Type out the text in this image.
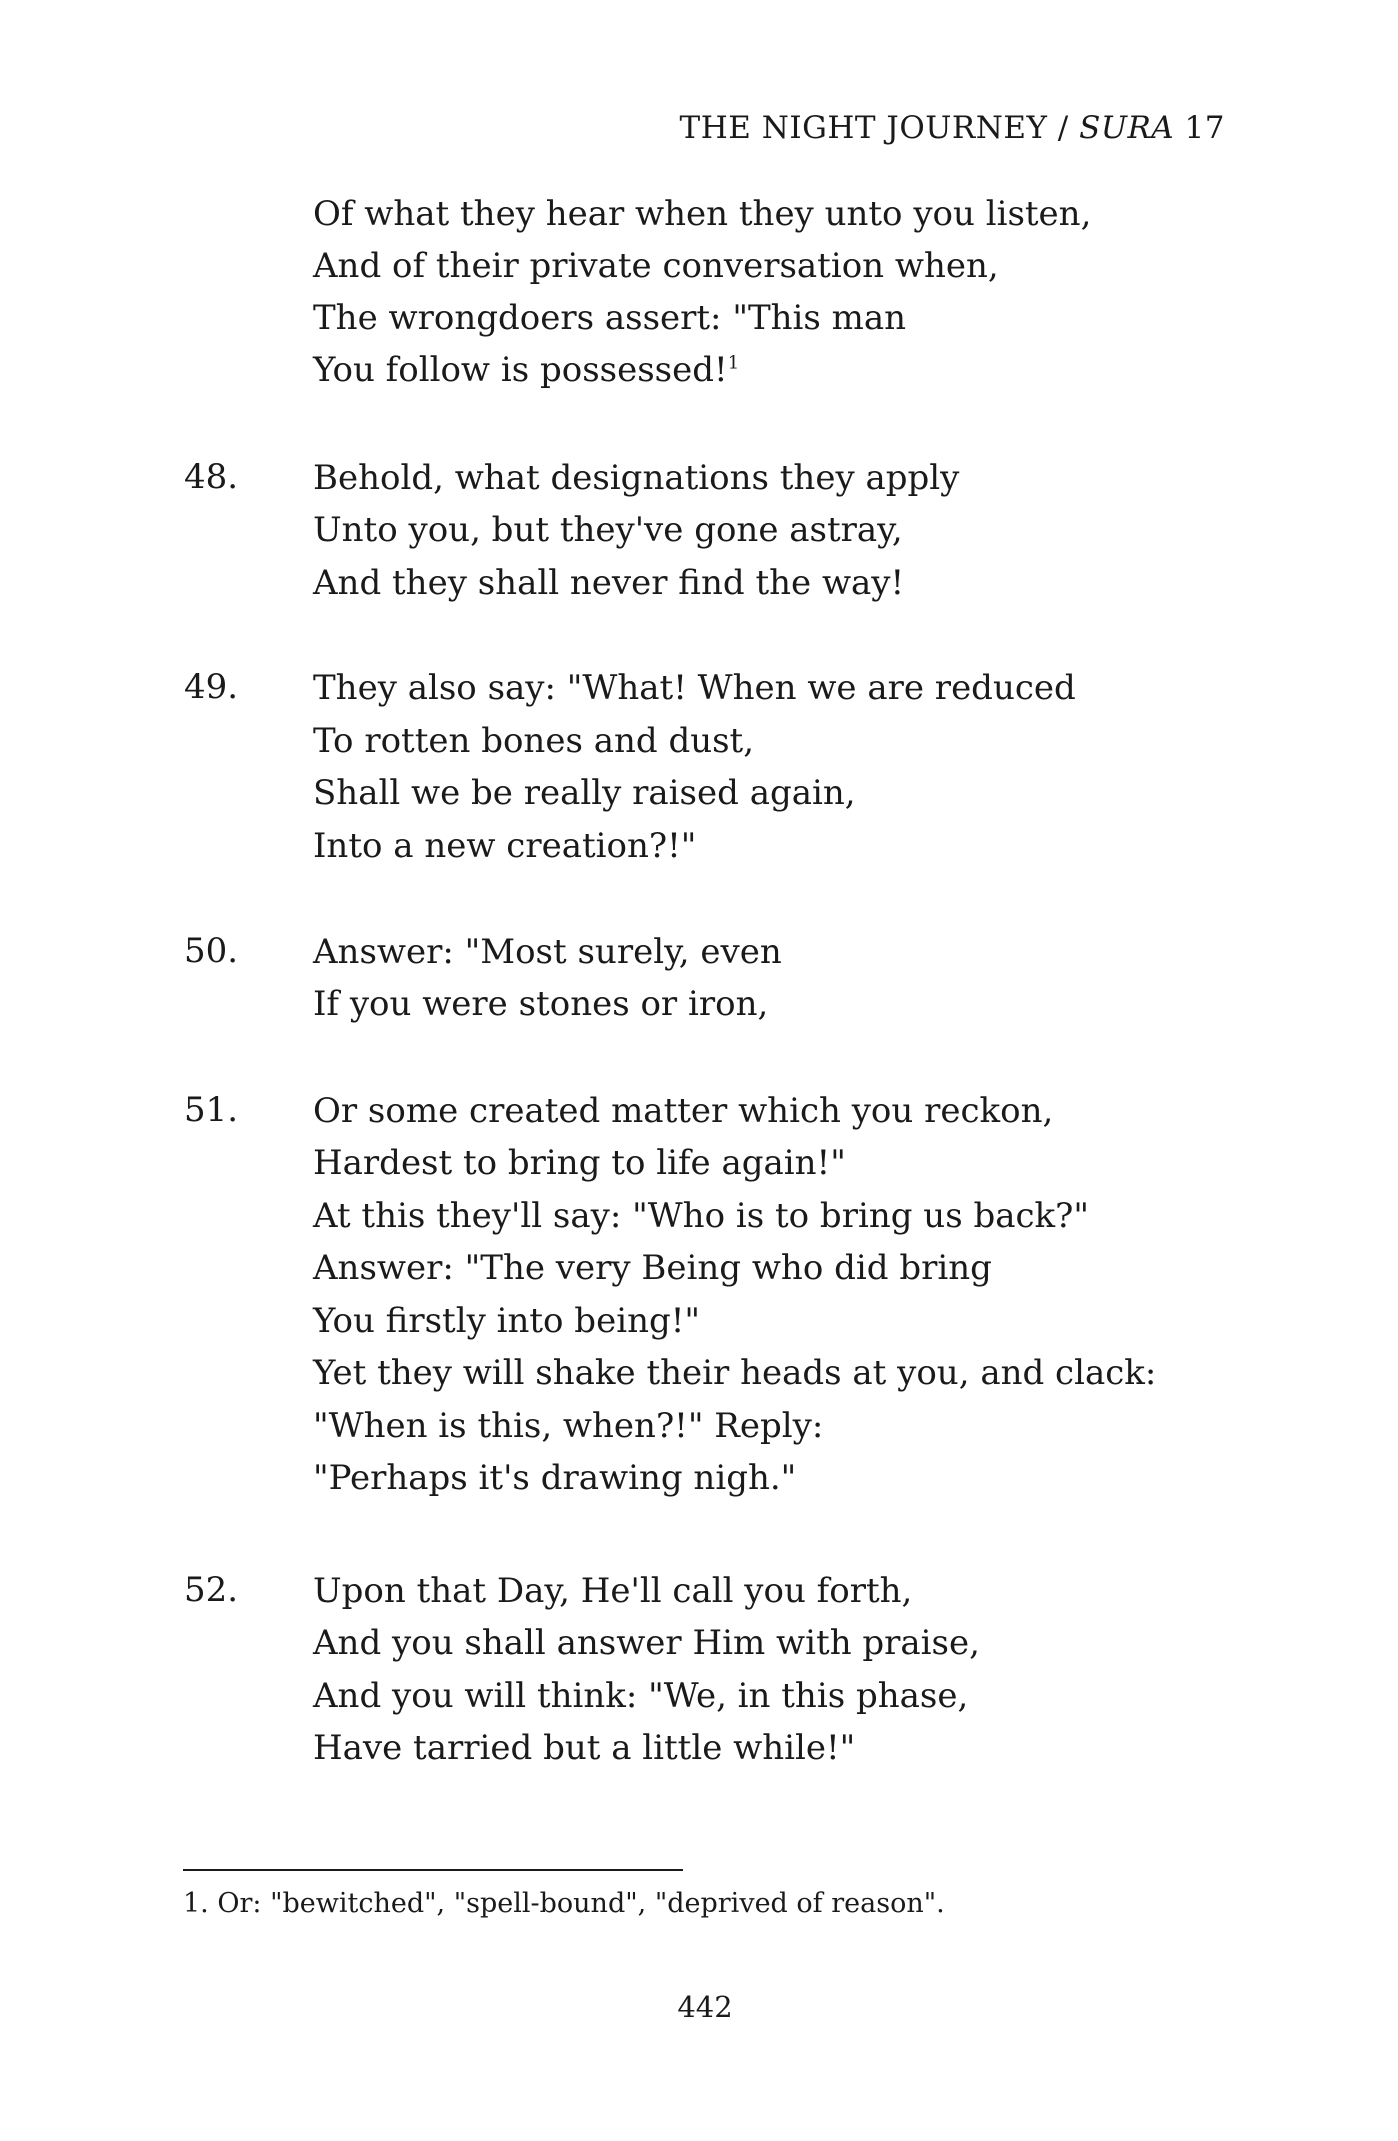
THE NIGHT JOURNEY / SURA 17
Of what they hear when they unto you listen,
And of their private conversation when,
The wrongdoers assert: "This man
You follow is possessed!$^1$
48. Behold, what designations they apply
Unto you, but they've gone astray,
And they shall never find the way!
49. They also say: "What! When we are reduced
To rotten bones and dust,
Shall we be really raised again,
Into a new creation?!"
50. Answer: "Most surely, even
If you were stones or iron,
51. Or some created matter which you reckon,
Hardest to bring to life again!"
At this they'll say: "Who is to bring us back?"
Answer: "The very Being who did bring
You firstly into being!"
Yet they will shake their heads at you, and clack:
"When is this, when?!" Reply:
"Perhaps it's drawing nigh."
52. Upon that Day, He'll call you forth,
And you shall answer Him with praise,
And you will think: "We, in this phase,
Have tarried but a little while!"
1. Or: "bewitched", "spell-bound", "deprived of reason".
442
